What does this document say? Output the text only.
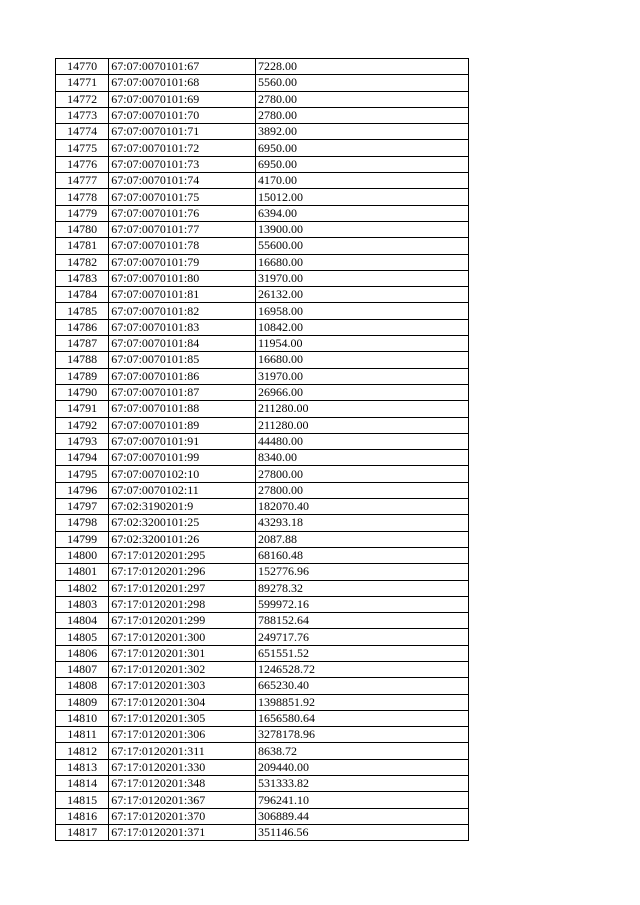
14770	67:07:0070101:67	7228.00
14771	67:07:0070101:68	5560.00
14772	67:07:0070101:69	2780.00
14773	67:07:0070101:70	2780.00
14774	67:07:0070101:71	3892.00
14775	67:07:0070101:72	6950.00
14776	67:07:0070101:73	6950.00
14777	67:07:0070101:74	4170.00
14778	67:07:0070101:75	15012.00
14779	67:07:0070101:76	6394.00
14780	67:07:0070101:77	13900.00
14781	67:07:0070101:78	55600.00
14782	67:07:0070101:79	16680.00
14783	67:07:0070101:80	31970.00
14784	67:07:0070101:81	26132.00
14785	67:07:0070101:82	16958.00
14786	67:07:0070101:83	10842.00
14787	67:07:0070101:84	11954.00
14788	67:07:0070101:85	16680.00
14789	67:07:0070101:86	31970.00
14790	67:07:0070101:87	26966.00
14791	67:07:0070101:88	211280.00
14792	67:07:0070101:89	211280.00
14793	67:07:0070101:91	44480.00
14794	67:07:0070101:99	8340.00
14795	67:07:0070102:10	27800.00
14796	67:07:0070102:11	27800.00
14797	67:02:3190201:9	182070.40
14798	67:02:3200101:25	43293.18
14799	67:02:3200101:26	2087.88
14800	67:17:0120201:295	68160.48
14801	67:17:0120201:296	152776.96
14802	67:17:0120201:297	89278.32
14803	67:17:0120201:298	599972.16
14804	67:17:0120201:299	788152.64
14805	67:17:0120201:300	249717.76
14806	67:17:0120201:301	651551.52
14807	67:17:0120201:302	1246528.72
14808	67:17:0120201:303	665230.40
14809	67:17:0120201:304	1398851.92
14810	67:17:0120201:305	1656580.64
14811	67:17:0120201:306	3278178.96
14812	67:17:0120201:311	8638.72
14813	67:17:0120201:330	209440.00
14814	67:17:0120201:348	531333.82
14815	67:17:0120201:367	796241.10
14816	67:17:0120201:370	306889.44
14817	67:17:0120201:371	351146.56
